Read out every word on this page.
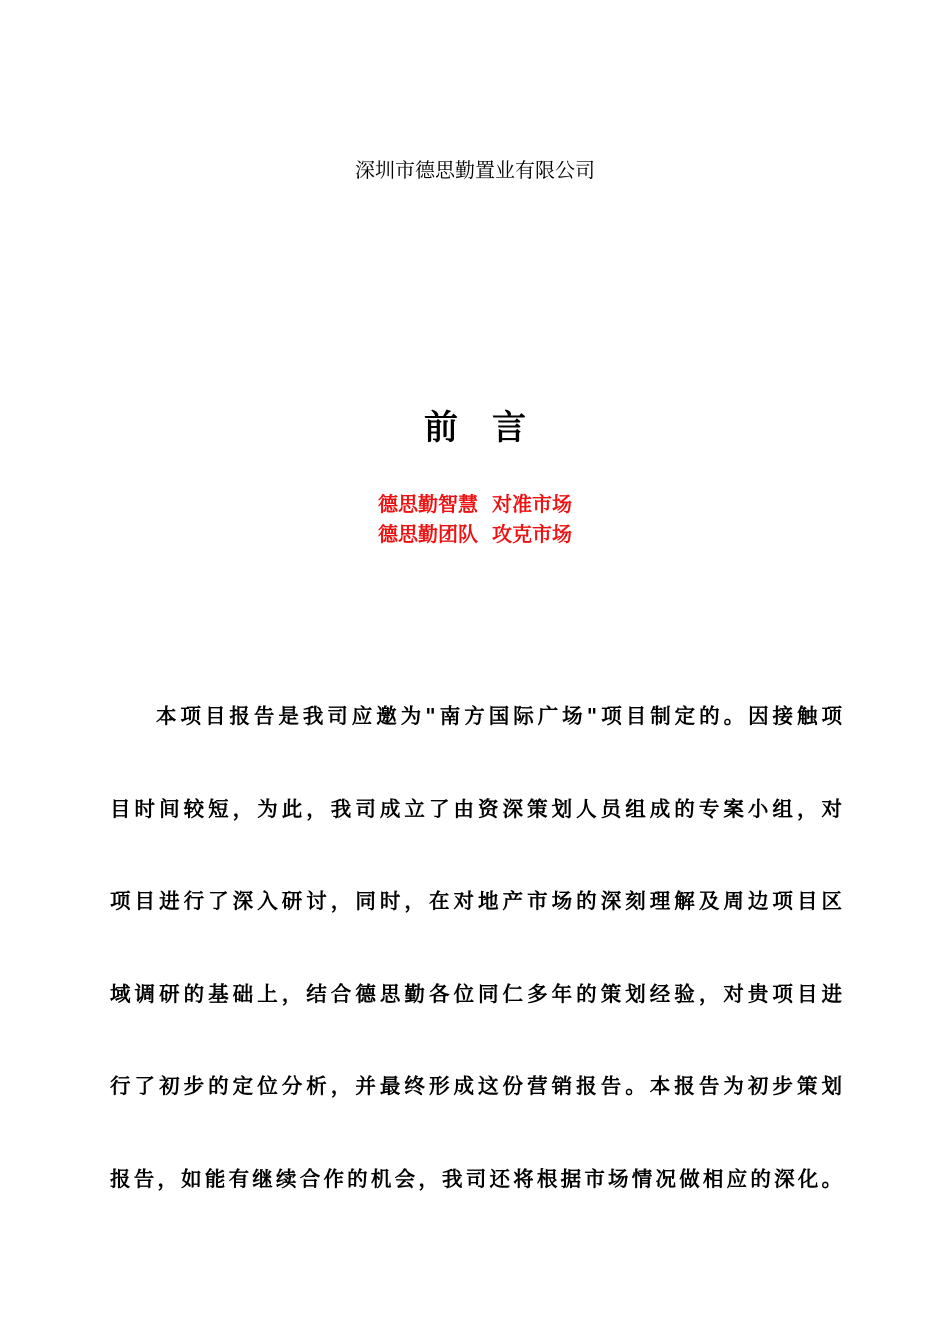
深圳市德思勤置业有限公司
前　言
德思勤智慧  对准市场
德思勤团队  攻克市场
本项目报告是我司应邀为"南方国际广场"项目制定的。因接触项
目时间较短，为此，我司成立了由资深策划人员组成的专案小组，对
项目进行了深入研讨，同时，在对地产市场的深刻理解及周边项目区
域调研的基础上，结合德思勤各位同仁多年的策划经验，对贵项目进
行了初步的定位分析，并最终形成这份营销报告。本报告为初步策划
报告，如能有继续合作的机会，我司还将根据市场情况做相应的深化。
